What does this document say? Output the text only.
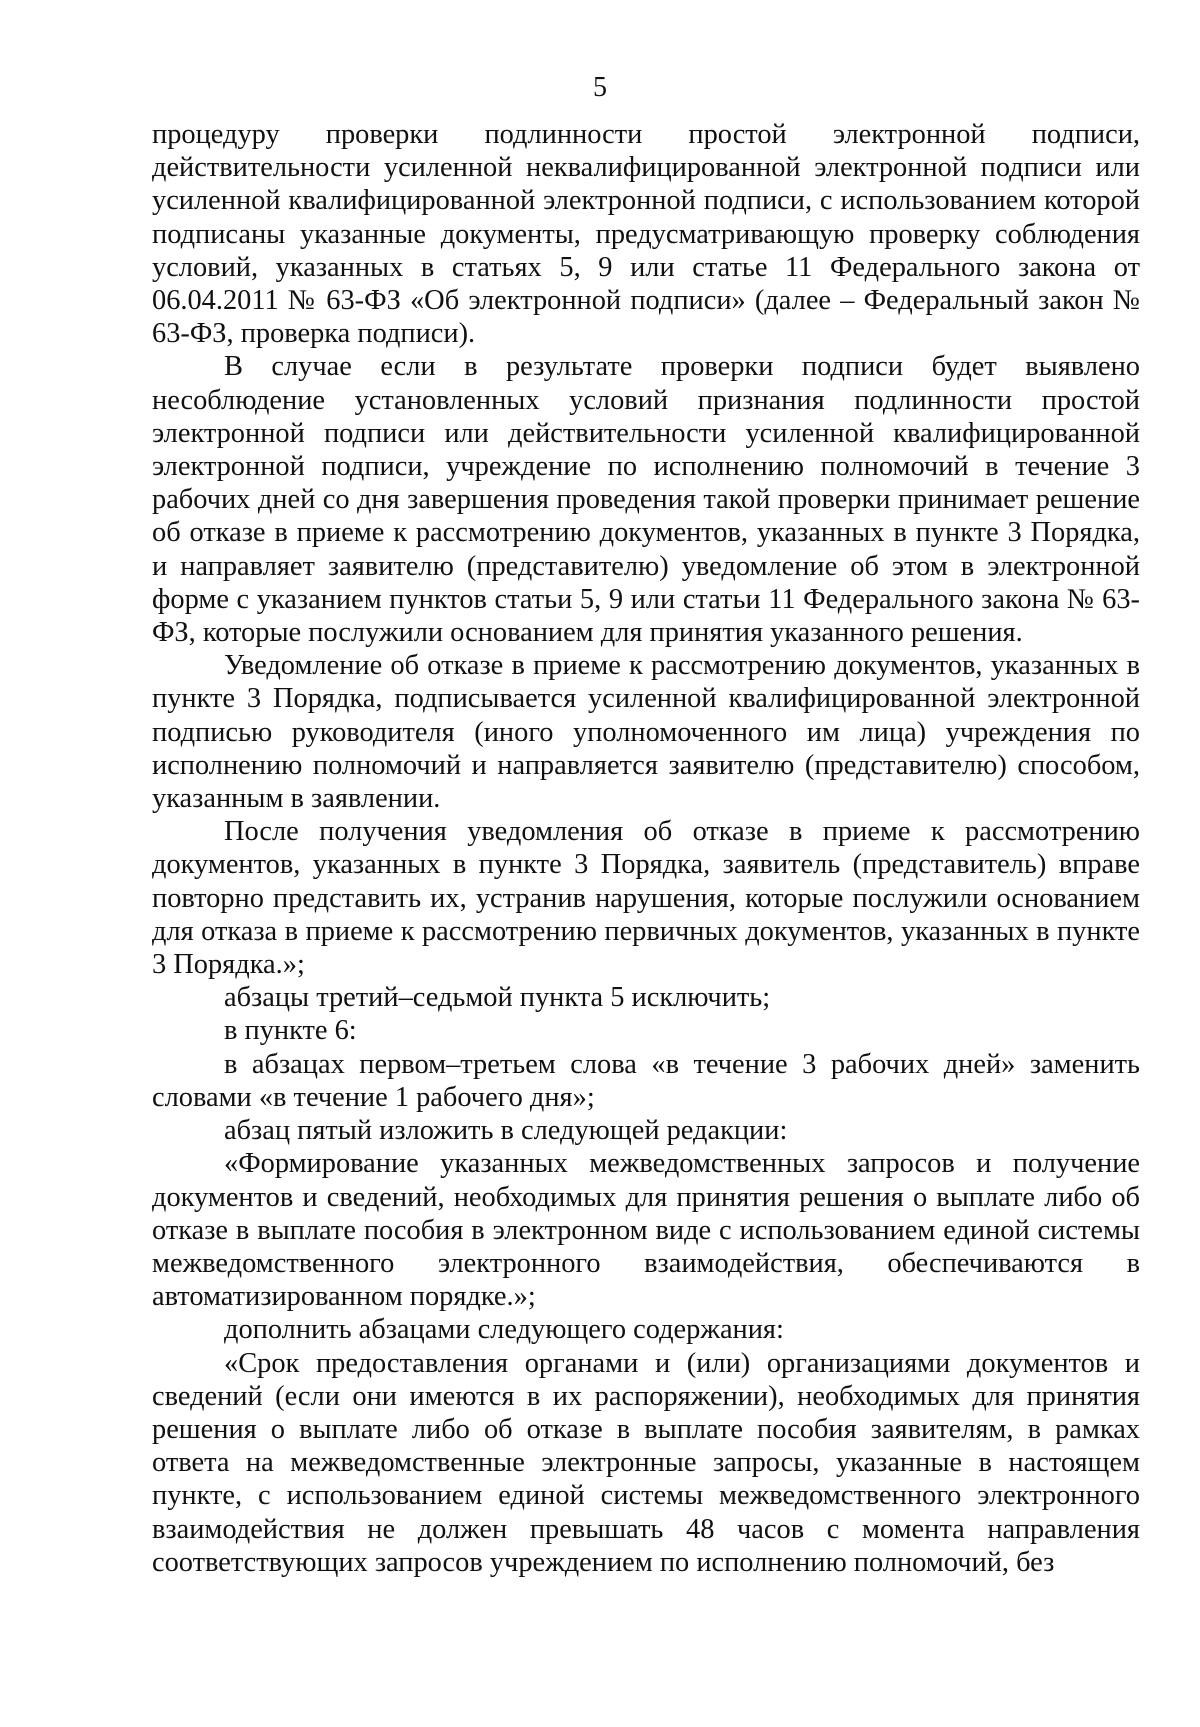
5

процедуру проверки подлинности простой электронной подписи, действительности усиленной неквалифицированной электронной подписи или усиленной квалифицированной электронной подписи, с использованием которой подписаны указанные документы, предусматривающую проверку соблюдения условий, указанных в статьях 5, 9 или статье 11 Федерального закона от 06.04.2011 № 63-ФЗ «Об электронной подписи» (далее – Федеральный закон № 63-ФЗ, проверка подписи).

В случае если в результате проверки подписи будет выявлено несоблюдение установленных условий признания подлинности простой электронной подписи или действительности усиленной квалифицированной электронной подписи, учреждение по исполнению полномочий в течение 3 рабочих дней со дня завершения проведения такой проверки принимает решение об отказе в приеме к рассмотрению документов, указанных в пункте 3 Порядка, и направляет заявителю (представителю) уведомление об этом в электронной форме с указанием пунктов статьи 5, 9 или статьи 11 Федерального закона № 63-ФЗ, которые послужили основанием для принятия указанного решения.

Уведомление об отказе в приеме к рассмотрению документов, указанных в пункте 3 Порядка, подписывается усиленной квалифицированной электронной подписью руководителя (иного уполномоченного им лица) учреждения по исполнению полномочий и направляется заявителю (представителю) способом, указанным в заявлении.

После получения уведомления об отказе в приеме к рассмотрению документов, указанных в пункте 3 Порядка, заявитель (представитель) вправе повторно представить их, устранив нарушения, которые послужили основанием для отказа в приеме к рассмотрению первичных документов, указанных в пункте 3 Порядка.»;

абзацы третий–седьмой пункта 5 исключить;

в пункте 6:

в абзацах первом–третьем слова «в течение 3 рабочих дней» заменить словами «в течение 1 рабочего дня»;

абзац пятый изложить в следующей редакции:

«Формирование указанных межведомственных запросов и получение документов и сведений, необходимых для принятия решения о выплате либо об отказе в выплате пособия в электронном виде с использованием единой системы межведомственного электронного взаимодействия, обеспечиваются в автоматизированном порядке.»;

дополнить абзацами следующего содержания:

«Срок предоставления органами и (или) организациями документов и сведений (если они имеются в их распоряжении), необходимых для принятия решения о выплате либо об отказе в выплате пособия заявителям, в рамках ответа на межведомственные электронные запросы, указанные в настоящем пункте, с использованием единой системы межведомственного электронного взаимодействия не должен превышать 48 часов с момента направления соответствующих запросов учреждением по исполнению полномочий, без
